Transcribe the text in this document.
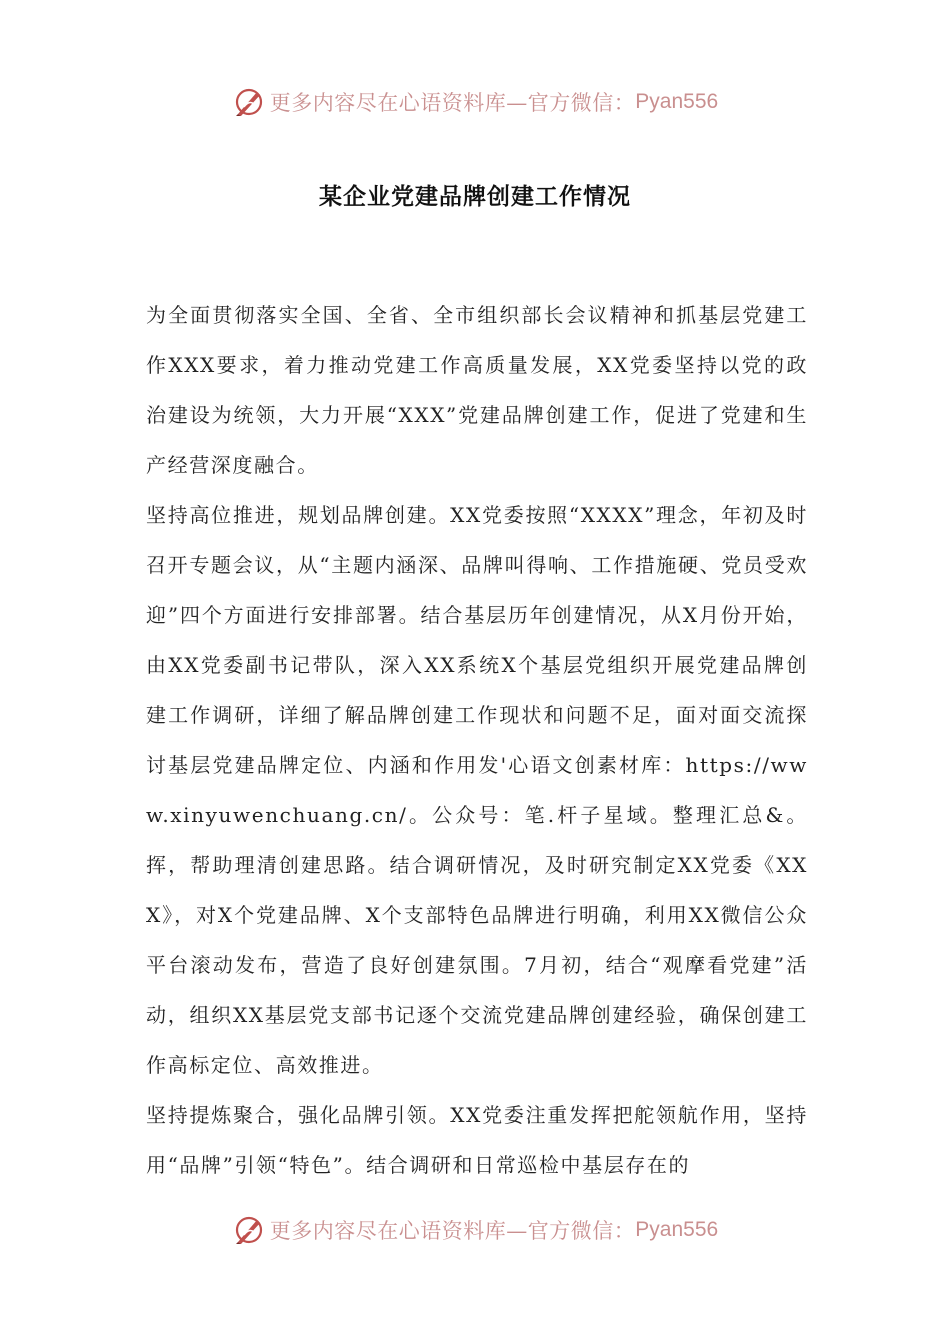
更多内容尽在心语资料库—官方微信： Pyan556
某企业党建品牌创建工作情况

为全面贯彻落实全国、全省、全市组织部长会议精神和抓基层党建工作XXX要求，着力推动党建工作高质量发展，XX党委坚持以党的政治建设为统领，大力开展“XXX”党建品牌创建工作，促进了党建和生产经营深度融合。

坚持高位推进，规划品牌创建。XX党委按照“XXXX”理念，年初及时召开专题会议，从“主题内涵深、品牌叫得响、工作措施硬、党员受欢迎”四个方面进行安排部署。结合基层历年创建情况，从X月份开始，由XX党委副书记带队，深入XX系统X个基层党组织开展党建品牌创建工作调研，详细了解品牌创建工作现状和问题不足，面对面交流探讨基层党建品牌定位、内涵和作用发'心语文创素材库：https://www.xinyuwenchuang.cn/。公众号：笔.杆子星域。整理汇总&。挥，帮助理清创建思路。结合调研情况，及时研究制定XX党委《XXX》，对X个党建品牌、X个支部特色品牌进行明确，利用XX微信公众平台滚动发布，营造了良好创建氛围。7月初，结合“观摩看党建”活动，组织XX基层党支部书记逐个交流党建品牌创建经验，确保创建工作高标定位、高效推进。

坚持提炼聚合，强化品牌引领。XX党委注重发挥把舵领航作用，坚持用“品牌”引领“特色”。结合调研和日常巡检中基层存在的

更多内容尽在心语资料库—官方微信： Pyan556
